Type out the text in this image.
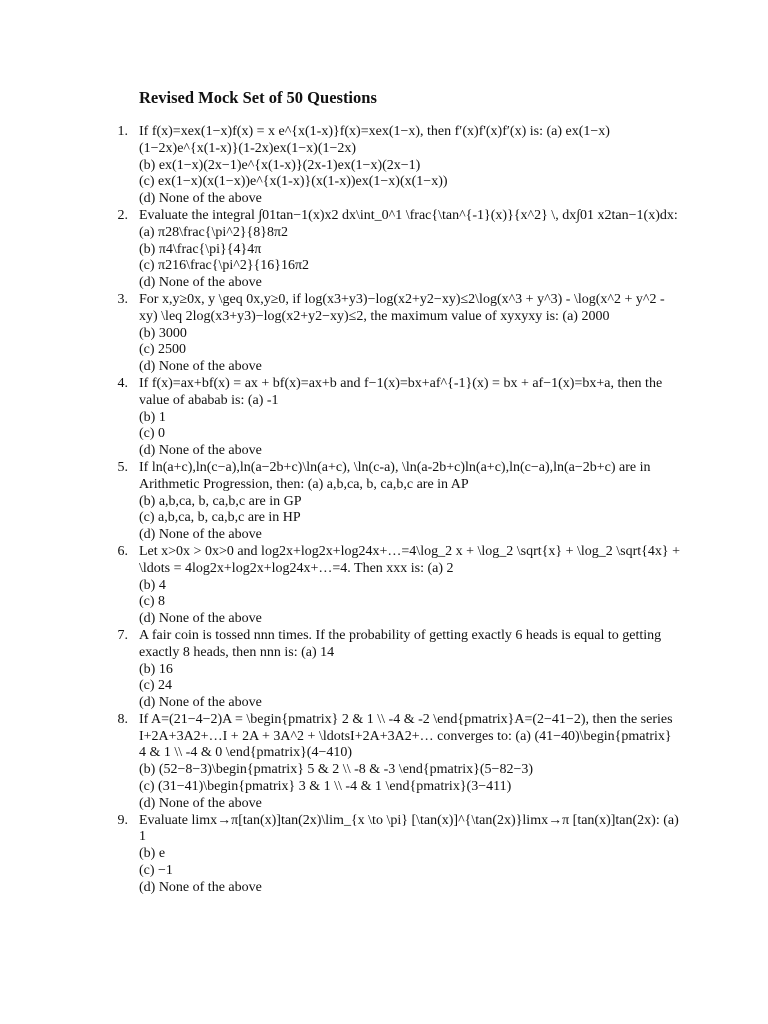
Revised Mock Set of 50 Questions
1 . If f(x)=xex(1−x)f(x) = x e^{x(1-x)}f(x)=xex(1−x), then f′(x)f'(x)f′(x) is: (a) ex(1−x)(1−2x)e^{x(1-x)}(1-2x)ex(1−x)(1−2x)
(b) ex(1−x)(2x−1)e^{x(1-x)}(2x-1)ex(1−x)(2x−1)
(c) ex(1−x)(x(1−x))e^{x(1-x)}(x(1-x))ex(1−x)(x(1−x))
(d) None of the above
2 . Evaluate the integral ∫01tan−1(x)x2 dx\int_0^1 \frac{\tan^{-1}(x)}{x^2} \, dx∫01 x2tan−1(x)dx: (a) π28\frac{\pi^2}{8}8π2
(b) π4\frac{\pi}{4}4π
(c) π216\frac{\pi^2}{16}16π2
(d) None of the above
3 . For x,y≥0x, y \geq 0x,y≥0, if log(x3+y3)−log(x2+y2−xy)≤2\log(x^3 + y^3) - \log(x^2 + y^2 - xy) \leq 2log(x3+y3)−log(x2+y2−xy)≤2, the maximum value of xyxyxy is: (a) 2000
(b) 3000
(c) 2500
(d) None of the above
4 . If f(x)=ax+bf(x) = ax + bf(x)=ax+b and f−1(x)=bx+af^{-1}(x) = bx + af−1(x)=bx+a, then the value of ababab is: (a) -1
(b) 1
(c) 0
(d) None of the above
5 . If ln(a+c),ln(c−a),ln(a−2b+c)\ln(a+c), \ln(c-a), \ln(a-2b+c)ln(a+c),ln(c−a),ln(a−2b+c) are in Arithmetic Progression, then: (a) a,b,ca, b, ca,b,c are in AP
(b) a,b,ca, b, ca,b,c are in GP
(c) a,b,ca, b, ca,b,c are in HP
(d) None of the above
6 . Let x>0x > 0x>0 and log2x+log2x+log24x+…=4\log_2 x + \log_2 \sqrt{x} + \log_2 \sqrt{4x} + \ldots = 4log2x+log2x+log24x+…=4. Then xxx is: (a) 2
(b) 4
(c) 8
(d) None of the above
7 . A fair coin is tossed nnn times. If the probability of getting exactly 6 heads is equal to getting exactly 8 heads, then nnn is: (a) 14
(b) 16
(c) 24
(d) None of the above
8 . If A=(21−4−2)A = \begin{pmatrix} 2 & 1 \\ -4 & -2 \end{pmatrix}A=(2−41−2), then the series I+2A+3A2+…I + 2A + 3A^2 + \ldotsI+2A+3A2+… converges to: (a) (41−40)\begin{pmatrix} 4 & 1 \\ -4 & 0 \end{pmatrix}(4−410)
(b) (52−8−3)\begin{pmatrix} 5 & 2 \\ -8 & -3 \end{pmatrix}(5−82−3)
(c) (31−41)\begin{pmatrix} 3 & 1 \\ -4 & 1 \end{pmatrix}(3−411)
(d) None of the above
9 . Evaluate limx→π[tan(x)]tan(2x)\lim_{x \to \pi} [\tan(x)]^{\tan(2x)}limx→π [tan(x)]tan(2x): (a) 1
(b) e
(c) −1
(d) None of the above
